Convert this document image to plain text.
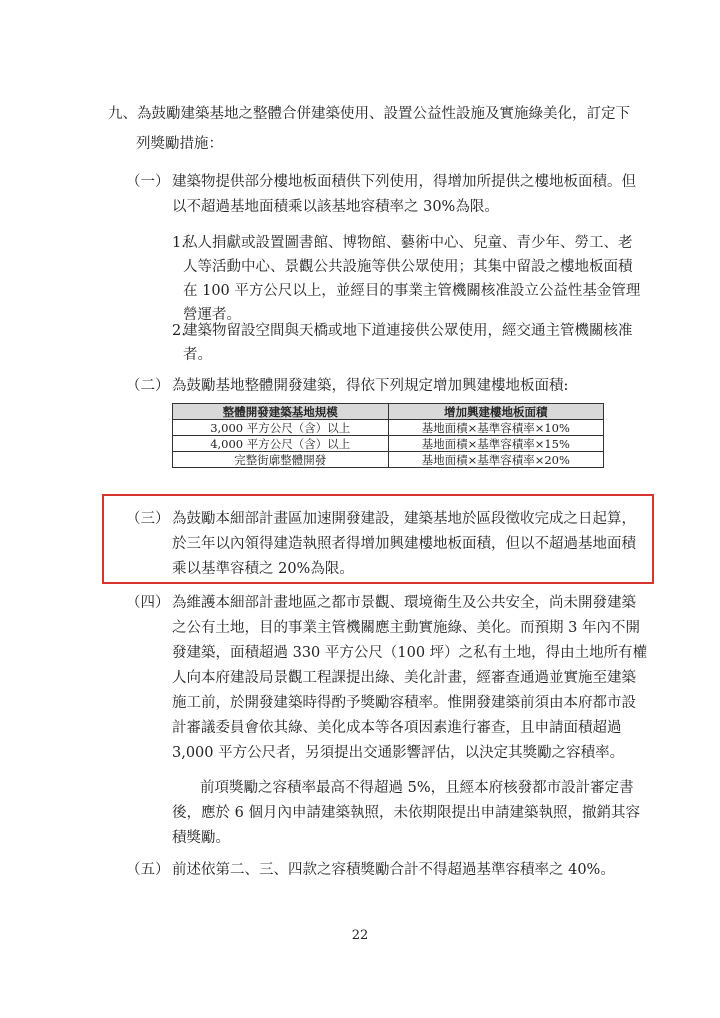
九、為鼓勵建築基地之整體合併建築使用、設置公益性設施及實施綠美化，訂定下
列獎勵措施：
（一） 建築物提供部分樓地板面積供下列使用，得增加所提供之樓地板面積。但
以不超過基地面積乘以該基地容積率之 30%為限。
1.
私人捐獻或設置圖書館、博物館、藝術中心、兒童、青少年、勞工、老
人等活動中心、景觀公共設施等供公眾使用；其集中留設之樓地板面積
在 100 平方公尺以上，並經目的事業主管機關核准設立公益性基金管理
營運者。
2.
建築物留設空間與天橋或地下道連接供公眾使用，經交通主管機關核准
者。
（二） 為鼓勵基地整體開發建築，得依下列規定增加興建樓地板面積:
整體開發建築基地規模	增加興建樓地板面積
3,000 平方公尺（含）以上	基地面積×基準容積率×10%
4,000 平方公尺（含）以上	基地面積×基準容積率×15%
完整街廓整體開發	基地面積×基準容積率×20%
（三） 為鼓勵本細部計畫區加速開發建設，建築基地於區段徵收完成之日起算，
於三年以內領得建造執照者得增加興建樓地板面積，但以不超過基地面積
乘以基準容積之 20%為限。
（四） 為維護本細部計畫地區之都市景觀、環境衛生及公共安全，尚未開發建築
之公有土地，目的事業主管機關應主動實施綠、美化。而預期 3 年內不開
發建築，面積超過 330 平方公尺（100 坪）之私有土地，得由土地所有權
人向本府建設局景觀工程課提出綠、美化計畫，經審查通過並實施至建築
施工前，於開發建築時得酌予獎勵容積率。惟開發建築前須由本府都市設
計審議委員會依其綠、美化成本等各項因素進行審查，且申請面積超過
3,000 平方公尺者，另須提出交通影響評估，以決定其獎勵之容積率。
前項獎勵之容積率最高不得超過 5%，且經本府核發都市設計審定書
後，應於 6 個月內申請建築執照，未依期限提出申請建築執照，撤銷其容
積獎勵。
（五） 前述依第二、三、四款之容積獎勵合計不得超過基準容積率之 40%。
22
